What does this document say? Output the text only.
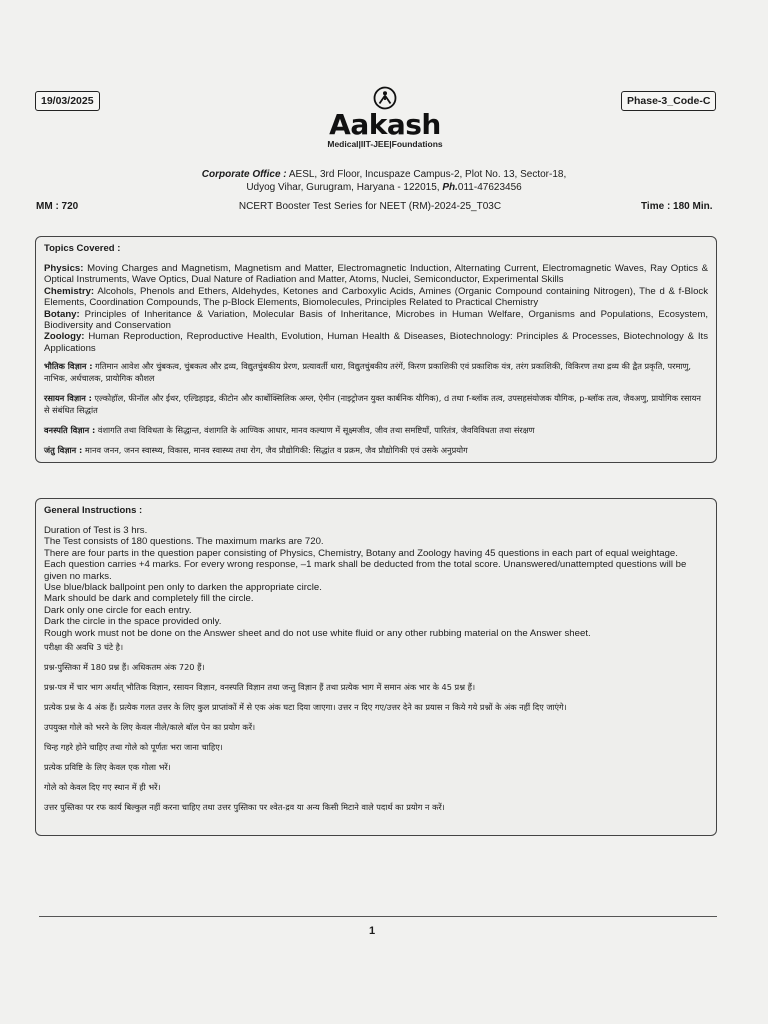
19/03/2025	Phase-3_Code-C
Aakash
Medical|IIT-JEE|Foundations
Corporate Office : AESL, 3rd Floor, Incuspaze Campus-2, Plot No. 13, Sector-18,
Udyog Vihar, Gurugram, Haryana - 122015, Ph.011-47623456
MM : 720	NCERT Booster Test Series for NEET (RM)-2024-25_T03C	Time : 180 Min.
Topics Covered :

Physics: Moving Charges and Magnetism, Magnetism and Matter, Electromagnetic Induction, Alternating Current, Electromagnetic Waves, Ray Optics & Optical Instruments, Wave Optics, Dual Nature of Radiation and Matter, Atoms, Nuclei, Semiconductor, Experimental Skills

Chemistry: Alcohols, Phenols and Ethers, Aldehydes, Ketones and Carboxylic Acids, Amines (Organic Compound containing Nitrogen), The d & f-Block Elements, Coordination Compounds, The p-Block Elements, Biomolecules, Principles Related to Practical Chemistry

Botany: Principles of Inheritance & Variation, Molecular Basis of Inheritance, Microbes in Human Welfare, Organisms and Populations, Ecosystem, Biodiversity and Conservation

Zoology: Human Reproduction, Reproductive Health, Evolution, Human Health & Diseases, Biotechnology: Principles & Processes, Biotechnology & Its Applications

भौतिक विज्ञान : गतिमान आवेश और चुंबकत्व, चुंबकत्व और द्रव्य, विद्युतचुंबकीय प्रेरण, प्रत्यावर्ती धारा, विद्युतचुंबकीय तरंगें, किरण प्रकाशिकी एवं प्रकाशिक यंत्र, तरंग प्रकाशिकी, विकिरण तथा द्रव्य की द्वैत प्रकृति, परमाणु, नाभिक, अर्धचालक, प्रायोगिक कौशल

रसायन विज्ञान : एल्कोहॉल, फीनॉल और ईथर, एल्डिहाइड, कीटोन और कार्बोक्सिलिक अम्ल, ऐमीन (नाइट्रोजन युक्त कार्बनिक यौगिक), d तथा f-ब्लॉक तत्व, उपसहसंयोजक यौगिक, p-ब्लॉक तत्व, जैवअणु, प्रायोगिक रसायन से संबंधित सिद्धांत

वनस्पति विज्ञान : वंशागति तथा विविधता के सिद्धान्त, वंशागति के आण्विक आधार, मानव कल्याण में सूक्ष्मजीव, जीव तथा समष्टियाँ, पारितंत्र, जैवविविधता तथा संरक्षण

जंतु विज्ञान : मानव जनन, जनन स्वास्थ्य, विकास, मानव स्वास्थ्य तथा रोग, जैव प्रौद्योगिकी: सिद्धांत व प्रक्रम, जैव प्रौद्योगिकी एवं उसके अनुप्रयोग

General Instructions :

Duration of Test is 3 hrs.

The Test consists of 180 questions. The maximum marks are 720.

There are four parts in the question paper consisting of Physics, Chemistry, Botany and Zoology having 45 questions in each part of equal weightage.

Each question carries +4 marks. For every wrong response, –1 mark shall be deducted from the total score. Unanswered/unattempted questions will be given no marks.

Use blue/black ballpoint pen only to darken the appropriate circle.

Mark should be dark and completely fill the circle.

Dark only one circle for each entry.

Dark the circle in the space provided only.

Rough work must not be done on the Answer sheet and do not use white fluid or any other rubbing material on the Answer sheet.

परीक्षा की अवधि 3 घंटे है।

प्रश्न-पुस्तिका में 180 प्रश्न हैं। अधिकतम अंक 720 हैं।

प्रश्न-पत्र में चार भाग अर्थात् भौतिक विज्ञान, रसायन विज्ञान, वनस्पति विज्ञान तथा जन्तु विज्ञान हैं तथा प्रत्येक भाग में समान अंक भार के 45 प्रश्न हैं।

प्रत्येक प्रश्न के 4 अंक हैं। प्रत्येक गलत उत्तर के लिए कुल प्राप्तांकों में से एक अंक घटा दिया जाएगा। उत्तर न दिए गए/उत्तर देने का प्रयास न किये गये प्रश्नों के अंक नहीं दिए जाएंगे।

उपयुक्त गोले को भरने के लिए केवल नीले/काले बॉल पेन का प्रयोग करें।

चिन्ह गहरे होने चाहिए तथा गोले को पूर्णतः भरा जाना चाहिए।

प्रत्येक प्रविष्टि के लिए केवल एक गोला भरें।

गोले को केवल दिए गए स्थान में ही भरें।

उत्तर पुस्तिका पर रफ कार्य बिल्कुल नहीं करना चाहिए तथा उत्तर पुस्तिका पर श्वेत-द्रव या अन्य किसी मिटाने वाले पदार्थ का प्रयोग न करें।

1
